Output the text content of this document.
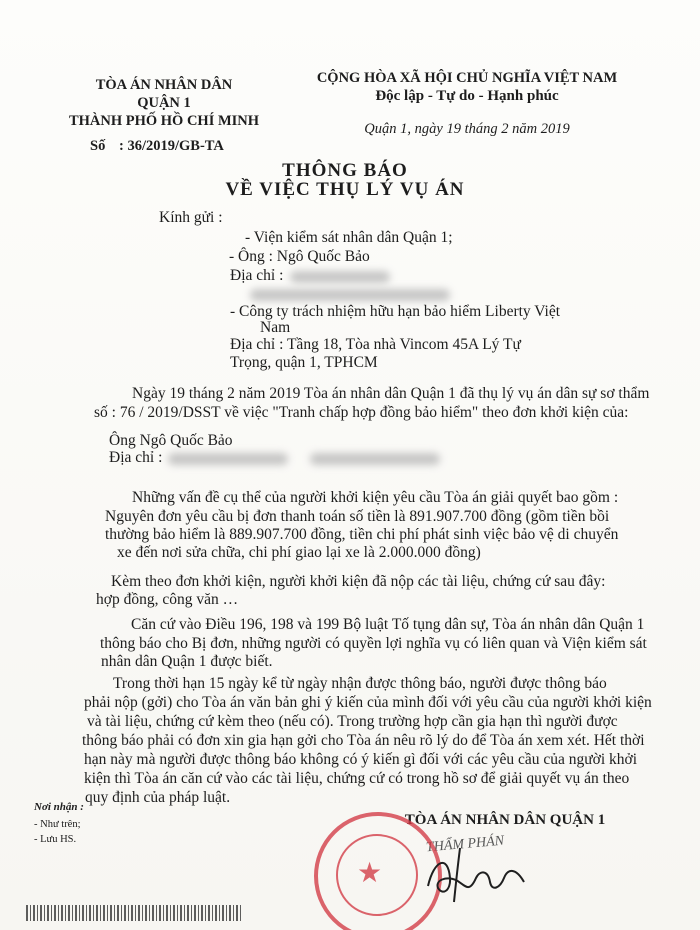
TÒA ÁN NHÂN DÂN
QUẬN 1
THÀNH PHỐ HỒ CHÍ MINH
CỘNG HÒA XÃ HỘI CHỦ NGHĨA VIỆT NAM
Độc lập - Tự do - Hạnh phúc
Quận 1, ngày 19 tháng 2 năm 2019
Số : 36/2019/GB-TA
THÔNG BÁO
VỀ VIỆC THỤ LÝ VỤ ÁN
Kính gửi :
- Viện kiểm sát nhân dân Quận 1;
- Ông : Ngô Quốc Bảo
Địa chỉ :
- Công ty trách nhiệm hữu hạn bảo hiểm Liberty Việt
Nam
Địa chỉ : Tầng 18, Tòa nhà Vincom 45A Lý Tự
Trọng, quận 1, TPHCM
Ngày 19 tháng 2 năm 2019 Tòa án nhân dân Quận 1 đã thụ lý vụ án dân sự sơ thẩm
số : 76 / 2019/DSST về việc "Tranh chấp hợp đồng bảo hiểm" theo đơn khởi kiện của:
Ông Ngô Quốc Bảo
Địa chỉ :
Những vấn đề cụ thể của người khởi kiện yêu cầu Tòa án giải quyết bao gồm :
Nguyên đơn yêu cầu bị đơn thanh toán số tiền là 891.907.700 đồng (gồm tiền bồi
thường bảo hiểm là 889.907.700 đồng, tiền chi phí phát sinh việc bảo vệ di chuyển
xe đến nơi sửa chữa, chi phí giao lại xe là 2.000.000 đồng)
Kèm theo đơn khởi kiện, người khởi kiện đã nộp các tài liệu, chứng cứ sau đây:
hợp đồng, công văn …
Căn cứ vào Điều 196, 198 và 199 Bộ luật Tố tụng dân sự, Tòa án nhân dân Quận 1
thông báo cho Bị đơn, những người có quyền lợi nghĩa vụ có liên quan và Viện kiểm sát
nhân dân Quận 1 được biết.
Trong thời hạn 15 ngày kể từ ngày nhận được thông báo, người được thông báo
phải nộp (gởi) cho Tòa án văn bản ghi ý kiến của mình đối với yêu cầu của người khởi kiện
và tài liệu, chứng cứ kèm theo (nếu có). Trong trường hợp cần gia hạn thì người được
thông báo phải có đơn xin gia hạn gởi cho Tòa án nêu rõ lý do để Tòa án xem xét. Hết thời
hạn này mà người được thông báo không có ý kiến gì đối với các yêu cầu của người khởi
kiện thì Tòa án căn cứ vào các tài liệu, chứng cứ có trong hồ sơ để giải quyết vụ án theo
quy định của pháp luật.
Nơi nhận :
- Như trên;
- Lưu HS.
TÒA ÁN NHÂN DÂN QUẬN 1
THẨM PHÁN
★
